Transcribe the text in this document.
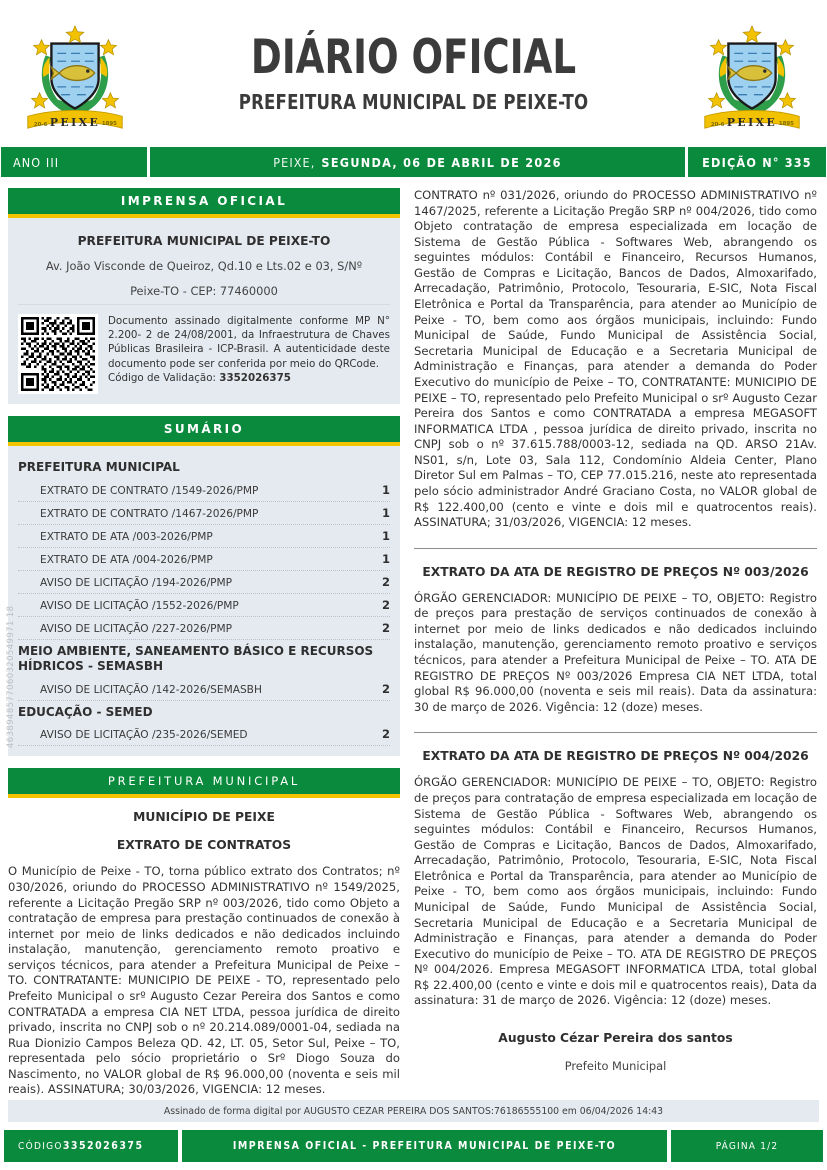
PEIXE
20-6	1895
DIÁRIO OFICIAL
PREFEITURA MUNICIPAL DE PEIXE-TO
PEIXE
20-6	1895
ANO III	PEIXE, SEGUNDA, 06 DE ABRIL DE 2026	EDIÇÃO N° 335
4638948577060320549971 18
IMPRENSA OFICIAL
PREFEITURA MUNICIPAL DE PEIXE-TO
Av. João Visconde de Queiroz, Qd.10 e Lts.02 e 03, S/Nº
Peixe-TO - CEP: 77460000
Documento assinado digitalmente conforme MP N° 2.200- 2 de 24/08/2001, da Infraestrutura de Chaves Públicas Brasileira - ICP-Brasil. A autenticidade deste documento pode ser conferida por meio do QRCode.
Código de Validação: 3352026375
SUMÁRIO
PREFEITURA MUNICIPAL
EXTRATO DE CONTRATO /1549-2026/PMP	1
EXTRATO DE CONTRATO /1467-2026/PMP	1
EXTRATO DE ATA /003-2026/PMP	1
EXTRATO DE ATA /004-2026/PMP	1
AVISO DE LICITAÇÃO /194-2026/PMP	2
AVISO DE LICITAÇÃO /1552-2026/PMP	2
AVISO DE LICITAÇÃO /227-2026/PMP	2
MEIO AMBIENTE, SANEAMENTO BÁSICO E RECURSOS HÍDRICOS - SEMASBH
AVISO DE LICITAÇÃO /142-2026/SEMASBH	2
EDUCAÇÃO - SEMED
AVISO DE LICITAÇÃO /235-2026/SEMED	2
PREFEITURA MUNICIPAL
MUNICÍPIO DE PEIXE
EXTRATO DE CONTRATOS

O Município de Peixe - TO, torna público extrato dos Contratos; nº 030/2026, oriundo do PROCESSO ADMINISTRATIVO nº 1549/2025, referente a Licitação Pregão SRP nº 003/2026, tido como Objeto a contratação de empresa para prestação continuados de conexão à internet por meio de links dedicados e não dedicados incluindo instalação, manutenção, gerenciamento remoto proativo e serviços técnicos, para atender a Prefeitura Municipal de Peixe – TO. CONTRATANTE: MUNICIPIO DE PEIXE - TO, representado pelo Prefeito Municipal o srº Augusto Cezar Pereira dos Santos e como CONTRATADA a empresa CIA NET LTDA, pessoa jurídica de direito privado, inscrita no CNPJ sob o nº 20.214.089/0001-04, sediada na Rua Dionizio Campos Beleza QD. 42, LT. 05, Setor Sul, Peixe – TO, representada pelo sócio proprietário o Srº Diogo Souza do Nascimento, no VALOR global de R$ 96.000,00 (noventa e seis mil reais). ASSINATURA; 30/03/2026, VIGENCIA: 12 meses.

CONTRATO nº 031/2026, oriundo do PROCESSO ADMINISTRATIVO nº 1467/2025, referente a Licitação Pregão SRP nº 004/2026, tido como Objeto contratação de empresa especializada em locação de Sistema de Gestão Pública - Softwares Web, abrangendo os seguintes módulos: Contábil e Financeiro, Recursos Humanos, Gestão de Compras e Licitação, Bancos de Dados, Almoxarifado, Arrecadação, Patrimônio, Protocolo, Tesouraria, E-SIC, Nota Fiscal Eletrônica e Portal da Transparência, para atender ao Município de Peixe - TO, bem como aos órgãos municipais, incluindo: Fundo Municipal de Saúde, Fundo Municipal de Assistência Social, Secretaria Municipal de Educação e a Secretaria Municipal de Administração e Finanças, para atender a demanda do Poder Executivo do município de Peixe – TO, CONTRATANTE: MUNICIPIO DE PEIXE – TO, representado pelo Prefeito Municipal o srº Augusto Cezar Pereira dos Santos e como CONTRATADA a empresa MEGASOFT INFORMATICA LTDA , pessoa jurídica de direito privado, inscrita no CNPJ sob o nº 37.615.788/0003-12, sediada na QD. ARSO 21Av. NS01, s/n, Lote 03, Sala 112, Condomínio Aldeia Center, Plano Diretor Sul em Palmas – TO, CEP 77.015.216, neste ato representada pelo sócio administrador André Graciano Costa, no VALOR global de R$ 122.400,00 (cento e vinte e dois mil e quatrocentos reais). ASSINATURA; 31/03/2026, VIGENCIA: 12 meses.

EXTRATO DA ATA DE REGISTRO DE PREÇOS Nº 003/2026

ÓRGÃO GERENCIADOR: MUNICÍPIO DE PEIXE – TO, OBJETO: Registro de preços para prestação de serviços continuados de conexão à internet por meio de links dedicados e não dedicados incluindo instalação, manutenção, gerenciamento remoto proativo e serviços técnicos, para atender a Prefeitura Municipal de Peixe – TO. ATA DE REGISTRO DE PREÇOS Nº 003/2026 Empresa CIA NET LTDA, total global R$ 96.000,00 (noventa e seis mil reais). Data da assinatura: 30 de março de 2026. Vigência: 12 (doze) meses.

EXTRATO DA ATA DE REGISTRO DE PREÇOS Nº 004/2026

ÓRGÃO GERENCIADOR: MUNICÍPIO DE PEIXE – TO, OBJETO: Registro de preços para contratação de empresa especializada em locação de Sistema de Gestão Pública - Softwares Web, abrangendo os seguintes módulos: Contábil e Financeiro, Recursos Humanos, Gestão de Compras e Licitação, Bancos de Dados, Almoxarifado, Arrecadação, Patrimônio, Protocolo, Tesouraria, E-SIC, Nota Fiscal Eletrônica e Portal da Transparência, para atender ao Município de Peixe - TO, bem como aos órgãos municipais, incluindo: Fundo Municipal de Saúde, Fundo Municipal de Assistência Social, Secretaria Municipal de Educação e a Secretaria Municipal de Administração e Finanças, para atender a demanda do Poder Executivo do município de Peixe – TO. ATA DE REGISTRO DE PREÇOS Nº 004/2026. Empresa MEGASOFT INFORMATICA LTDA, total global R$ 22.400,00 (cento e vinte e dois mil e quatrocentos reais), Data da assinatura: 31 de março de 2026. Vigência: 12 (doze) meses.

Augusto Cézar Pereira dos santos
Prefeito Municipal
Assinado de forma digital por AUGUSTO CEZAR PEREIRA DOS SANTOS:76186555100 em 06/04/2026 14:43
CÓDIGO 3352026375	IMPRENSA OFICIAL - PREFEITURA MUNICIPAL DE PEIXE-TO	PÁGINA 1/2
